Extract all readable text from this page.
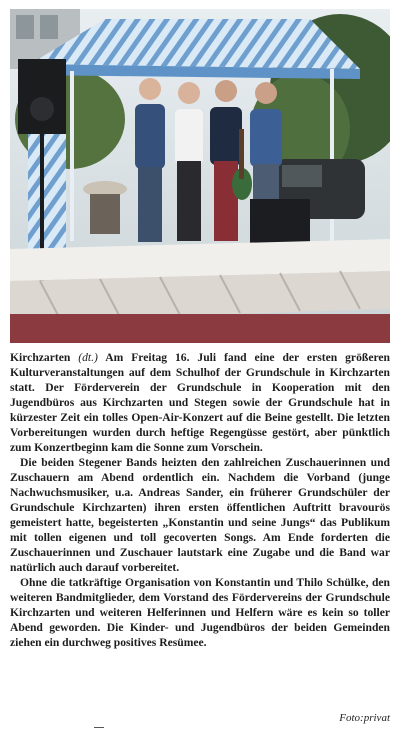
Kirchzarten (dt.) Am Freitag 16. Juli fand eine der ersten größeren Kulturveranstaltungen auf dem Schulhof der Grundschule in Kirchzarten statt. Der Förderverein der Grundschule in Kooperation mit den Jugendbüros aus Kirchzarten und Stegen sowie der Grundschule hat in kürzester Zeit ein tolles Open-Air-Konzert auf die Beine gestellt. Die letzten Vorbereitungen wurden durch heftige Regengüsse gestört, aber pünktlich zum Konzertbeginn kam die Sonne zum Vorschein.

Die beiden Stegener Bands heizten den zahlreichen Zuschauerinnen und Zuschauern am Abend ordentlich ein. Nachdem die Vorband (junge Nachwuchsmusiker, u.a. Andreas Sander, ein früherer Grundschüler der Grundschule Kirchzarten) ihren ersten öffentlichen Auftritt bravourös gemeistert hatte, begeisterten „Konstantin und seine Jungs“ das Publikum mit tollen eigenen und toll gecoverten Songs. Am Ende forderten die Zuschauerinnen und Zuschauer lautstark eine Zugabe und die Band war natürlich auch darauf vorbereitet.

Ohne die tatkräftige Organisation von Konstantin und Thilo Schülke, den weiteren Bandmitglieder, dem Vorstand des Fördervereins der Grundschule Kirchzarten und weiteren Helferinnen und Helfern wäre es kein so toller Abend geworden. Die Kinder- und Jugendbüros der beiden Gemeinden ziehen ein durchweg positives Resümee.

Foto:privat
